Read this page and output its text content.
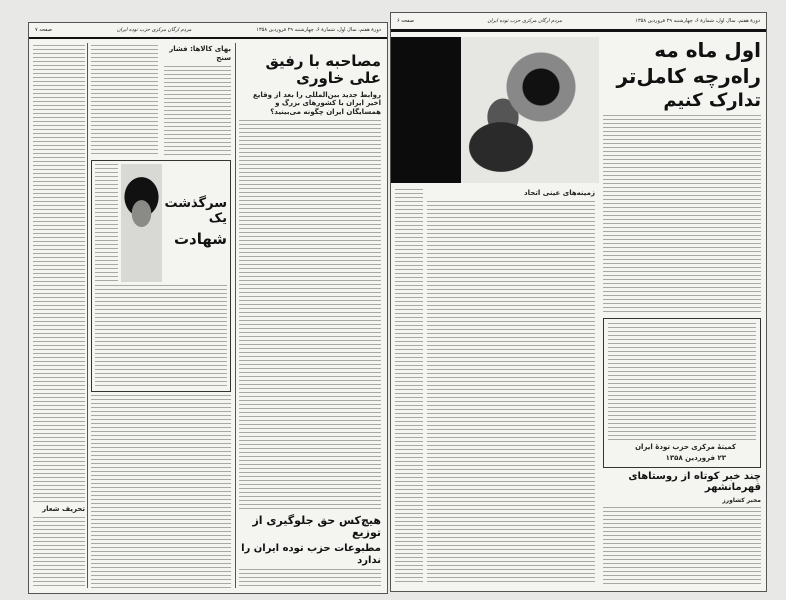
صفحه ۷	مردم ارگان مرکزی حزب توده ایران	دورهٔ هفتم، سال اول، شمارهٔ ۶، چهارشنبه ۲۹ فروردین ۱۳۵۸
مصاحبه با رفیق علی خاوری
روابط جدید بین‌المللی را بعد از وقایع اخیر ایران با کشورهای بزرگ و همسایگان ایران چگونه می‌بینید؟
هیچ‌کس حق جلوگیری از توزیع
مطبوعات حزب توده ایران را ندارد
بهای کالاها: فشار سنج
سرگذشت یک
شهادت
تحریف شعار
صفحه ۶	مردم ارگان مرکزی حزب توده ایران	دورهٔ هفتم، سال اول، شمارهٔ ۶، چهارشنبه ۲۹ فروردین ۱۳۵۸
اول ماه مه
راه‌رچه کامل‌تر
تدارک کنیم
کمیتهٔ مرکزی حزب تودهٔ ایران
۲۳ فروردین ۱۳۵۸
چند خبر کوتاه از روستاهای قهرمانشهر
مخبر کشاورز
زمینه‌های عینی اتحاد
